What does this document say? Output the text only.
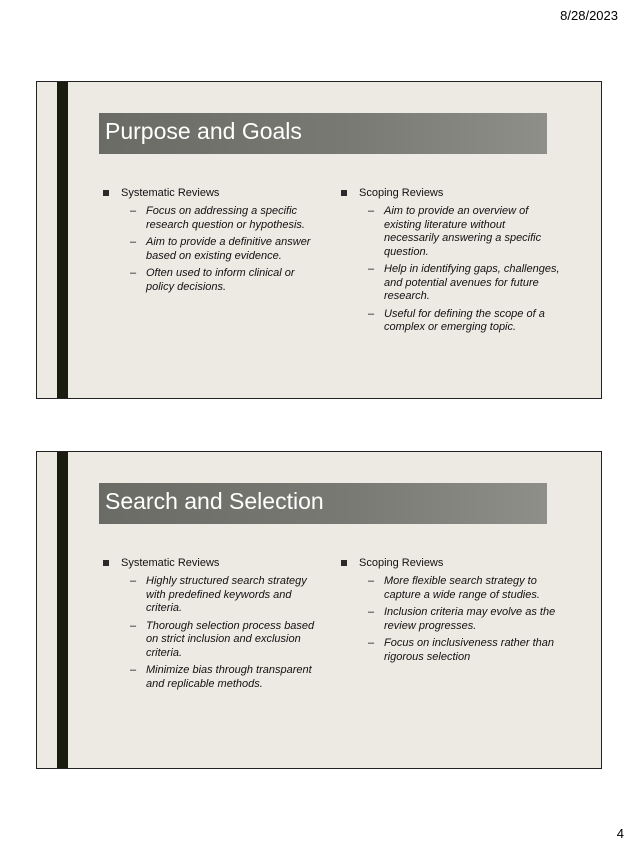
8/28/2023
Purpose and Goals
Systematic Reviews
– Focus on addressing a specific research question or hypothesis.
– Aim to provide a definitive answer based on existing evidence.
– Often used to inform clinical or policy decisions.
Scoping Reviews
– Aim to provide an overview of existing literature without necessarily answering a specific question.
– Help in identifying gaps, challenges, and potential avenues for future research.
– Useful for defining the scope of a complex or emerging topic.
Search and Selection
Systematic Reviews
– Highly structured search strategy with predefined keywords and criteria.
– Thorough selection process based on strict inclusion and exclusion criteria.
– Minimize bias through transparent and replicable methods.
Scoping Reviews
– More flexible search strategy to capture a wide range of studies.
– Inclusion criteria may evolve as the review progresses.
– Focus on inclusiveness rather than rigorous selection
4
